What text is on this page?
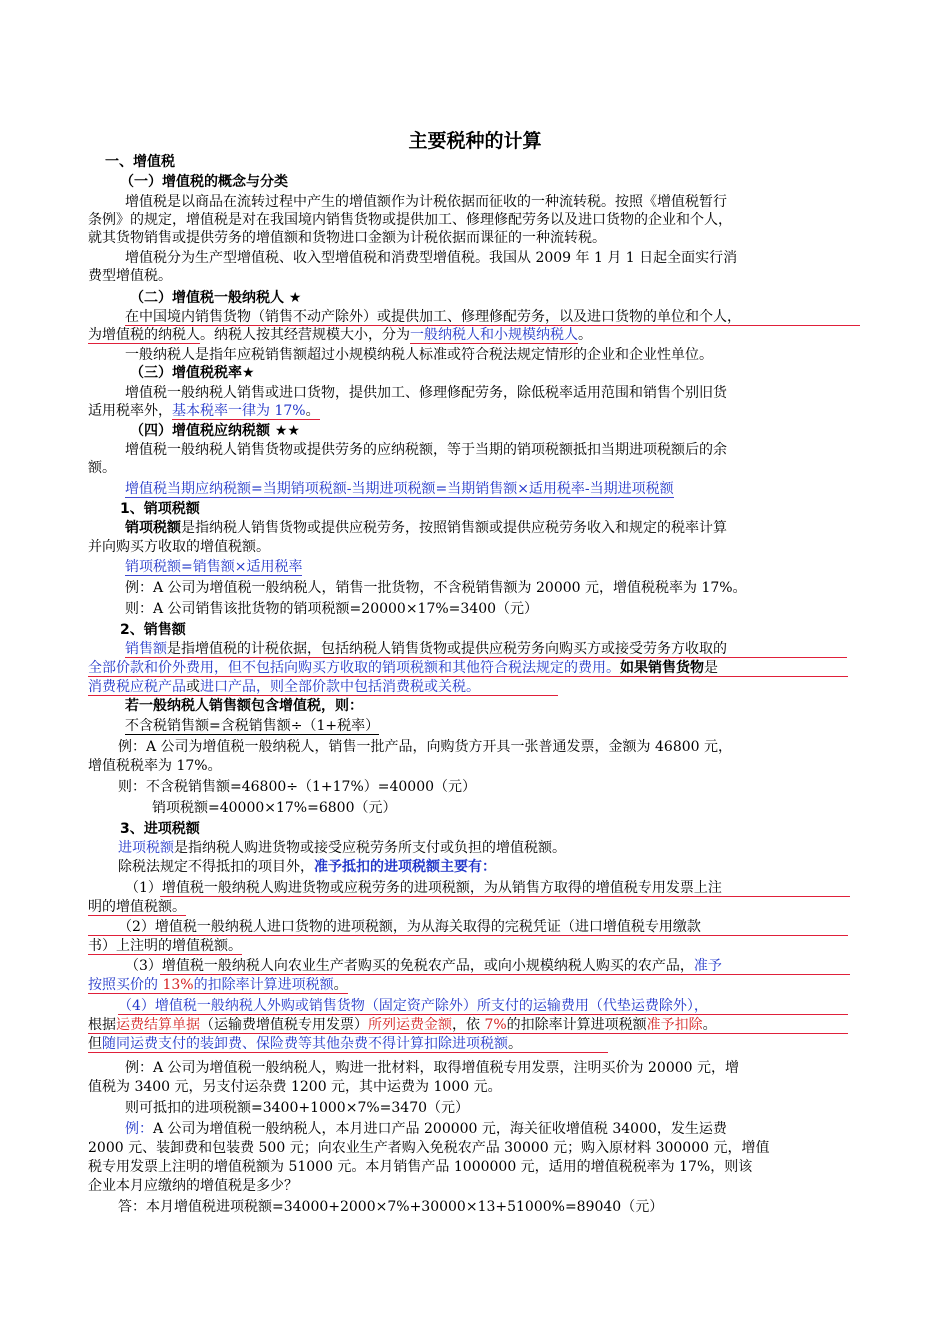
主要税种的计算
一、增值税
（一）增值税的概念与分类
增值税是以商品在流转过程中产生的增值额作为计税依据而征收的一种流转税。按照《增值税暂行
条例》的规定，增值税是对在我国境内销售货物或提供加工、修理修配劳务以及进口货物的企业和个人，
就其货物销售或提供劳务的增值额和货物进口金额为计税依据而课征的一种流转税。
增值税分为生产型增值税、收入型增值税和消费型增值税。我国从 2009 年 1 月 1 日起全面实行消
费型增值税。
（二）增值税一般纳税人 ★
在中国境内销售货物（销售不动产除外）或提供加工、修理修配劳务，以及进口货物的单位和个人，
为增值税的纳税人。纳税人按其经营规模大小，分为一般纳税人和小规模纳税人。
一般纳税人是指年应税销售额超过小规模纳税人标准或符合税法规定情形的企业和企业性单位。
（三）增值税税率★
增值税一般纳税人销售或进口货物，提供加工、修理修配劳务，除低税率适用范围和销售个别旧货
适用税率外，基本税率一律为 17%。
（四）增值税应纳税额 ★★
增值税一般纳税人销售货物或提供劳务的应纳税额，等于当期的销项税额抵扣当期进项税额后的余
额。
增值税当期应纳税额=当期销项税额-当期进项税额=当期销售额×适用税率-当期进项税额
1、销项税额
销项税额是指纳税人销售货物或提供应税劳务，按照销售额或提供应税劳务收入和规定的税率计算
并向购买方收取的增值税额。
销项税额=销售额×适用税率
例：A 公司为增值税一般纳税人，销售一批货物，不含税销售额为 20000 元，增值税税率为 17%。
则：A 公司销售该批货物的销项税额=20000×17%=3400（元）
2、销售额
销售额是指增值税的计税依据，包括纳税人销售货物或提供应税劳务向购买方或接受劳务方收取的
全部价款和价外费用，但不包括向购买方收取的销项税额和其他符合税法规定的费用。如果销售货物是
消费税应税产品或进口产品，则全部价款中包括消费税或关税。
若一般纳税人销售额包含增值税，则：
不含税销售额=含税销售额÷（1+税率）
例：A 公司为增值税一般纳税人，销售一批产品，向购货方开具一张普通发票，金额为 46800 元，
增值税税率为 17%。
则：不含税销售额=46800÷（1+17%）=40000（元）
销项税额=40000×17%=6800（元）
3、进项税额
进项税额是指纳税人购进货物或接受应税劳务所支付或负担的增值税额。
除税法规定不得抵扣的项目外，准予抵扣的进项税额主要有：
（1）增值税一般纳税人购进货物或应税劳务的进项税额，为从销售方取得的增值税专用发票上注
明的增值税额。
（2）增值税一般纳税人进口货物的进项税额，为从海关取得的完税凭证（进口增值税专用缴款
书）上注明的增值税额。
（3）增值税一般纳税人向农业生产者购买的免税农产品，或向小规模纳税人购买的农产品，准予
按照买价的 13%的扣除率计算进项税额。
（4）增值税一般纳税人外购或销售货物（固定资产除外）所支付的运输费用（代垫运费除外），
根据运费结算单据（运输费增值税专用发票）所列运费金额，依 7%的扣除率计算进项税额准予扣除。
但随同运费支付的装卸费、保险费等其他杂费不得计算扣除进项税额。
例：A 公司为增值税一般纳税人，购进一批材料，取得增值税专用发票，注明买价为 20000 元，增
值税为 3400 元，另支付运杂费 1200 元，其中运费为 1000 元。
则可抵扣的进项税额=3400+1000×7%=3470（元）
例：A 公司为增值税一般纳税人，本月进口产品 200000 元，海关征收增值税 34000，发生运费
2000 元、装卸费和包装费 500 元；向农业生产者购入免税农产品 30000 元；购入原材料 300000 元，增值
税专用发票上注明的增值税额为 51000 元。本月销售产品 1000000 元，适用的增值税税率为 17%，则该
企业本月应缴纳的增值税是多少？
答：本月增值税进项税额=34000+2000×7%+30000×13+51000%=89040（元）
